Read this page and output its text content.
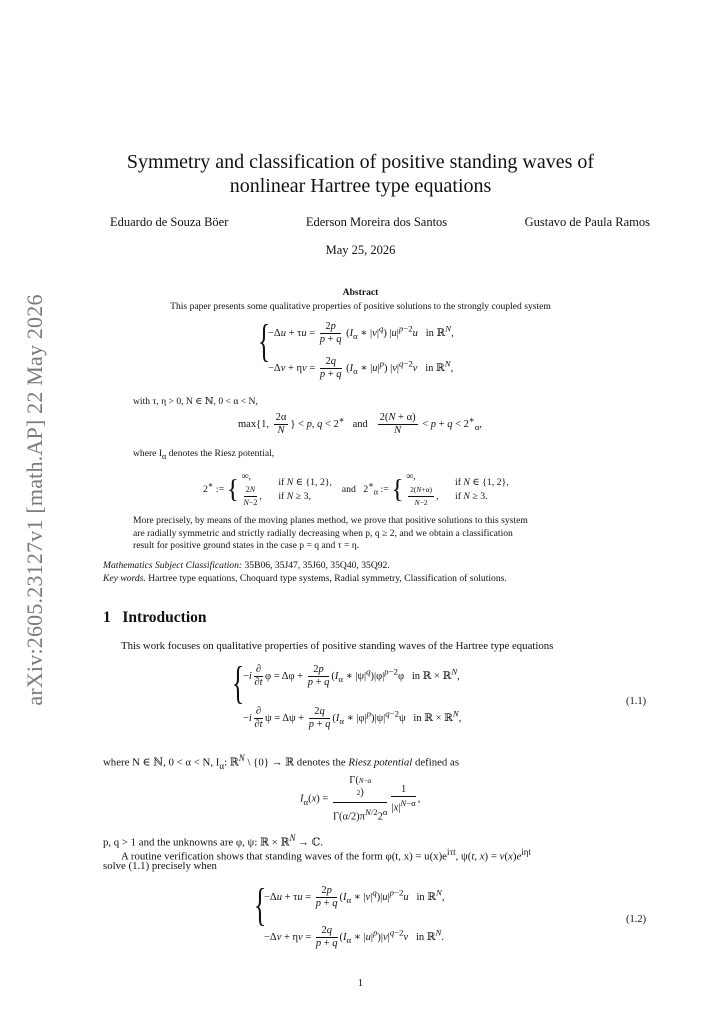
arXiv:2605.23127v1 [math.AP] 22 May 2026
Symmetry and classification of positive standing waves of
nonlinear Hartree type equations
Eduardo de Souza Böer	Ederson Moreira dos Santos	Gustavo de Paula Ramos
May 25, 2026
Abstract
This paper presents some qualitative properties of positive solutions to the strongly coupled system
{
$-\Delta u + \tau u = \frac{2p}{p + q} (I_\alpha$ ∗ $|v|^q$) $|u|^{p-2}u$   in ℝ$^N$,
$-\Delta v + \eta v = \frac{2q}{p + q} (I_\alpha$ ∗ $|u|^p$) $|v|^{q-2}v$   in ℝ$^N$,
with τ, η > 0, N ∈ ℕ, 0 < α < N,
max{1, $\frac{2\alpha}{N}$ } < p, q < 2∗   and $\frac{2(N + \alpha)}{N} < p + q < 2^∗_\alpha$,
where $I_\alpha$ denotes the Riesz potential,
2∗ := { ∞,

$\frac{2N}{N-2}$ , if N ∈ {1, 2},
if N ≥ 3,    and   $2^∗_\alpha$ := { ∞,

$\frac{2(N+\alpha)}{N-2}$ , if N ∈ {1, 2},
if N ≥ 3.
More precisely, by means of the moving planes method, we prove that positive solutions to this system
are radially symmetric and strictly radially decreasing when p, q ≥ 2, and we obtain a classification
result for positive ground states in the case p = q and τ = η.
Mathematics Subject Classification: 35B06, 35J47, 35J60, 35Q40, 35Q92.
Key words. Hartree type equations, Choquard type systems, Radial symmetry, Classification of solutions.
1 Introduction
This work focuses on qualitative properties of positive standing waves of the Hartree type equations
{
$-i \frac{\partial}{\partial t}$ $\varphi = \Delta\varphi + \frac{2p}{p + q} (I_\alpha$ ∗ $|\psi|^q)|\varphi|^{p-2}\varphi$   in ℝ × ℝ$^N$,
$-i \frac{\partial}{\partial t}$ $\psi = \Delta\psi + \frac{2q}{p + q} (I_\alpha$ ∗ $|\varphi|^p)|\psi|^{q-2}\psi$   in ℝ × ℝ$^N$,
(1.1)
where N ∈ ℕ, 0 < α < N, $I_\alpha$: ℝ$^N$ \ {0} → ℝ denotes the Riesz potential defined as
$I_\alpha(x)$ =
Γ(N−α
2)
$\Gamma(\alpha/2)\pi^{N/2}2^\alpha \frac{1}{|x|^{N-\alpha}}$ ,
p, q > 1 and the unknowns are φ, ψ: ℝ × ℝ$^N$ → ℂ.
A routine verification shows that standing waves of the form φ(t, $x) = u(x)e^{i\tau t}$, ψ(t, $x) = v(x)e^{i\eta t}$
solve (1.1) precisely when
{
$-\Delta u + \tau u = \frac{2p}{p + q} (I_\alpha$ ∗ $|v|^q)|u|^{p-2}u$   in ℝ$^N$,
$-\Delta v + \eta v = \frac{2q}{p + q} (I_\alpha$ ∗ $|u|^p)|v|^{q-2}v$   in ℝ$^N$.
(1.2)
1
